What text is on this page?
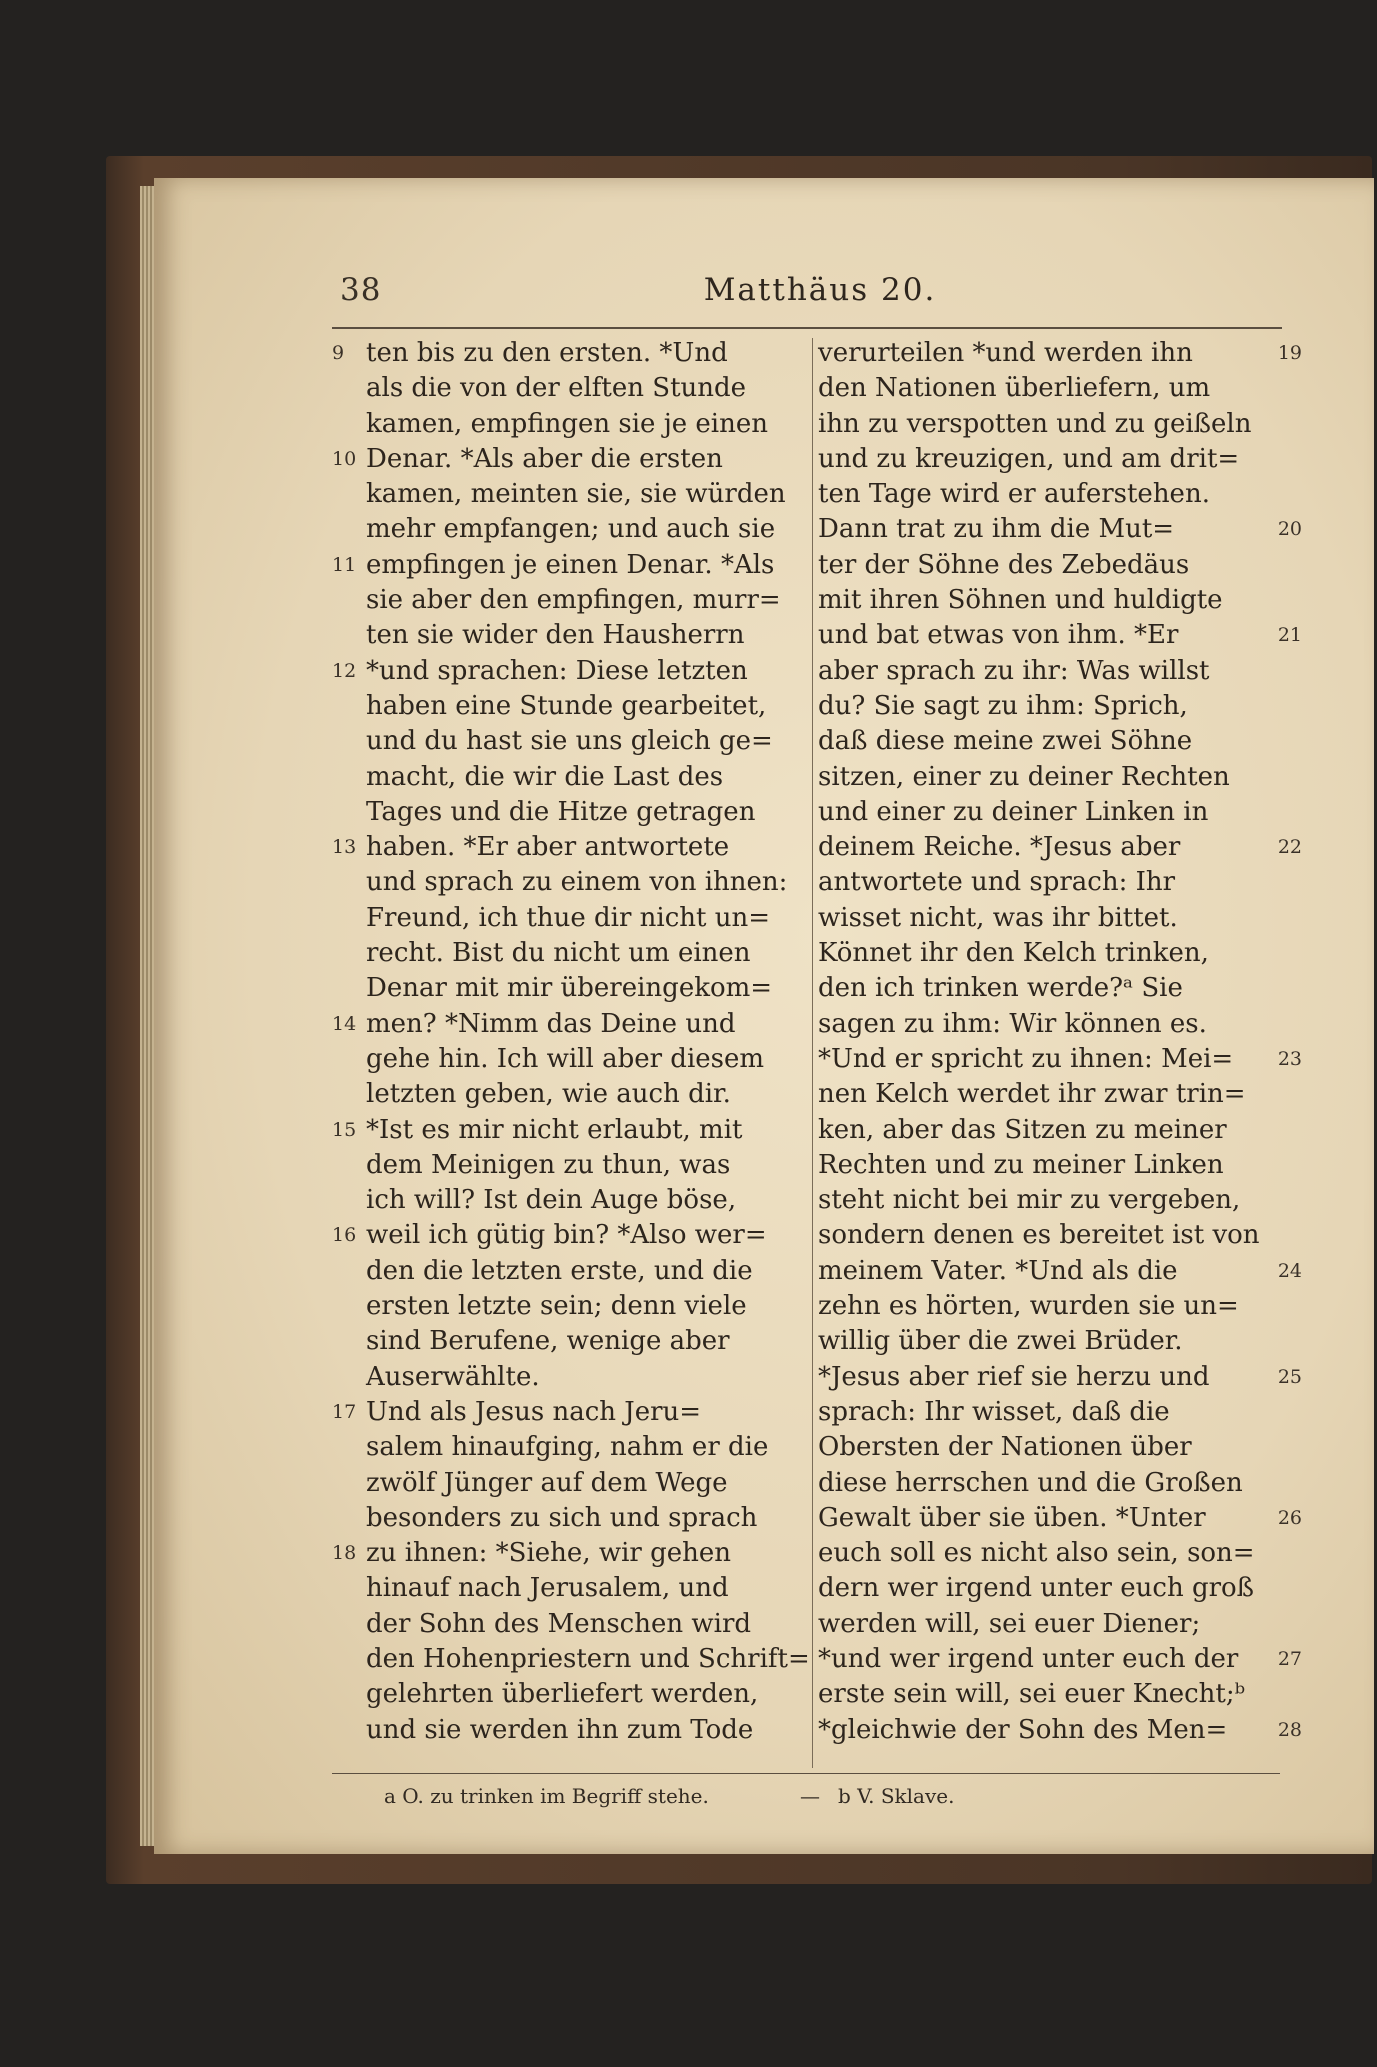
38	Matthäus 20.
ten bis zu den ersten. *Und
9
als die von der elften Stunde
kamen, empfingen sie je einen
Denar. *Als aber die ersten
10
kamen, meinten sie, sie würden
mehr empfangen; und auch sie
empfingen je einen Denar. *Als
11
sie aber den empfingen, murr=
ten sie wider den Hausherrn
*und sprachen: Diese letzten
12
haben eine Stunde gearbeitet,
und du hast sie uns gleich ge=
macht, die wir die Last des
Tages und die Hitze getragen
haben. *Er aber antwortete
13
und sprach zu einem von ihnen:
Freund, ich thue dir nicht un=
recht. Bist du nicht um einen
Denar mit mir übereingekom=
men? *Nimm das Deine und
14
gehe hin. Ich will aber diesem
letzten geben, wie auch dir.
*Ist es mir nicht erlaubt, mit
15
dem Meinigen zu thun, was
ich will? Ist dein Auge böse,
weil ich gütig bin? *Also wer=
16
den die letzten erste, und die
ersten letzte sein; denn viele
sind Berufene, wenige aber
Auserwählte.
Und als Jesus nach Jeru=
17
salem hinaufging, nahm er die
zwölf Jünger auf dem Wege
besonders zu sich und sprach
zu ihnen: *Siehe, wir gehen
18
hinauf nach Jerusalem, und
der Sohn des Menschen wird
den Hohenpriestern und Schrift=
gelehrten überliefert werden,
und sie werden ihn zum Tode
verurteilen *und werden ihn	19
den Nationen überliefern, um
ihn zu verspotten und zu geißeln
und zu kreuzigen, und am drit=
ten Tage wird er auferstehen.
Dann trat zu ihm die Mut=	20
ter der Söhne des Zebedäus
mit ihren Söhnen und huldigte
und bat etwas von ihm. *Er	21
aber sprach zu ihr: Was willst
du? Sie sagt zu ihm: Sprich,
daß diese meine zwei Söhne
sitzen, einer zu deiner Rechten
und einer zu deiner Linken in
deinem Reiche. *Jesus aber	22
antwortete und sprach: Ihr
wisset nicht, was ihr bittet.
Könnet ihr den Kelch trinken,
den ich trinken werde?ᵃ Sie
sagen zu ihm: Wir können es.
*Und er spricht zu ihnen: Mei= 23
nen Kelch werdet ihr zwar trin=
ken, aber das Sitzen zu meiner
Rechten und zu meiner Linken
steht nicht bei mir zu vergeben,
sondern denen es bereitet ist von
meinem Vater. *Und als die	24
zehn es hörten, wurden sie un=
willig über die zwei Brüder.
*Jesus aber rief sie herzu und	25
sprach: Ihr wisset, daß die
Obersten der Nationen über
diese herrschen und die Großen
Gewalt über sie üben. *Unter	26
euch soll es nicht also sein, son=
dern wer irgend unter euch groß
werden will, sei euer Diener;
*und wer irgend unter euch der 27
erste sein will, sei euer Knecht;ᵇ
*gleichwie der Sohn des Men=	28
a O. zu trinken im Begriff stehe.	— b V. Sklave.
